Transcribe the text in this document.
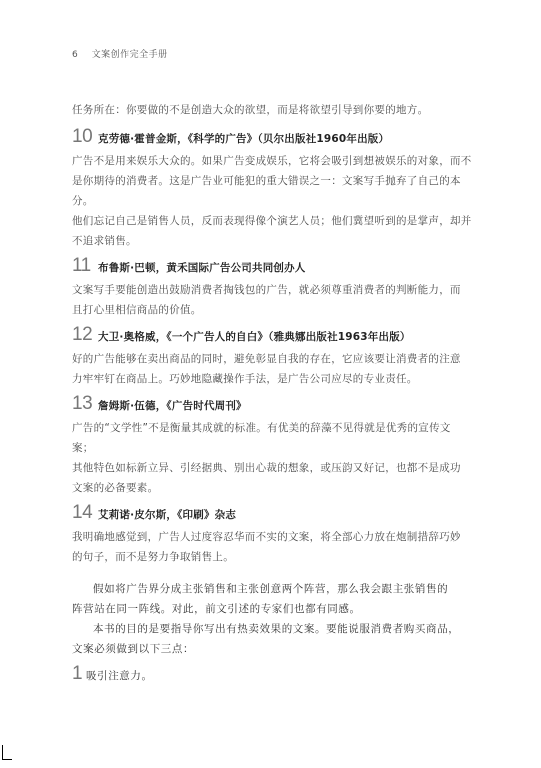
6 文案创作完全手册

任务所在：你要做的不是创造大众的欲望，而是将欲望引导到你要的地方。

10 克劳德·霍普金斯，《科学的广告》（贝尔出版社1960年出版）

广告不是用来娱乐大众的。如果广告变成娱乐，它将会吸引到想被娱乐的对象，而不

是你期待的消费者。这是广告业可能犯的重大错误之一：文案写手抛弃了自己的本分。

他们忘记自己是销售人员，反而表现得像个演艺人员；他们冀望听到的是掌声，却并

不追求销售。

11 布鲁斯·巴顿，黄禾国际广告公司共同创办人

文案写手要能创造出鼓励消费者掏钱包的广告，就必须尊重消费者的判断能力，而

且打心里相信商品的价值。

12 大卫·奥格威，《一个广告人的自白》（雅典娜出版社1963年出版）

好的广告能够在卖出商品的同时，避免彰显自我的存在，它应该要让消费者的注意

力牢牢钉在商品上。巧妙地隐藏操作手法，是广告公司应尽的专业责任。

13 詹姆斯·伍德，《广告时代周刊》

广告的“文学性”不是衡量其成就的标准。有优美的辞藻不见得就是优秀的宣传文案；

其他特色如标新立异、引经据典、别出心裁的想象，或压韵又好记，也都不是成功

文案的必备要素。

14 艾莉诺·皮尔斯，《印刷》杂志

我明确地感觉到，广告人过度容忍华而不实的文案，将全部心力放在炮制措辞巧妙

的句子，而不是努力争取销售上。

假如将广告界分成主张销售和主张创意两个阵营，那么我会跟主张销售的

阵营站在同一阵线。对此，前文引述的专家们也都有同感。

本书的目的是要指导你写出有热卖效果的文案。要能说服消费者购买商品，

文案必须做到以下三点：

1 吸引注意力。
